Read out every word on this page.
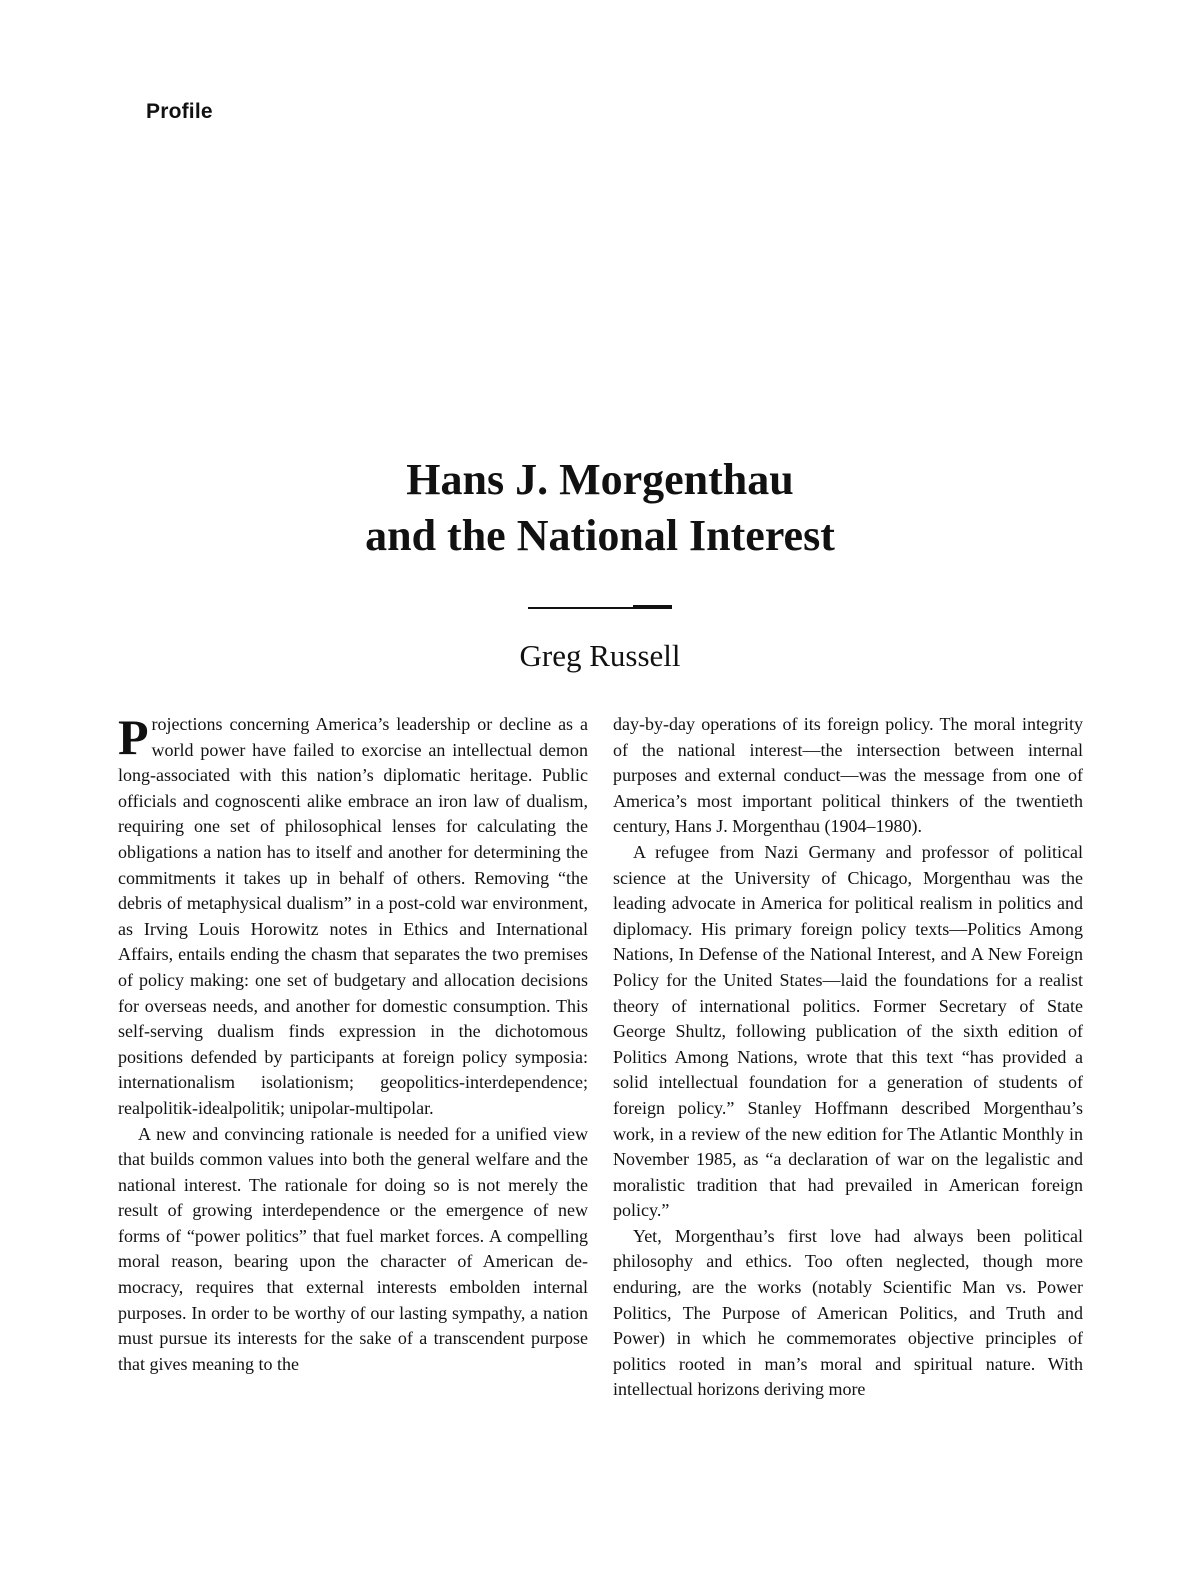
Profile
Hans J. Morgenthau
and the National Interest
Greg Russell

Projections concerning America’s leadership or decline as a world power have failed to exorcise an intellectual demon long-associated with this nation’s diplomatic heritage. Public officials and cognoscenti alike embrace an iron law of dualism, requiring one set of philosophical lenses for calculating the obligations a nation has to itself and another for determining the commitments it takes up in behalf of others. Removing “the debris of metaphysical dualism” in a post-cold war environment, as Irving Louis Horowitz notes in Ethics and International Affairs, entails ending the chasm that separates the two premises of policy making: one set of budgetary and allocation decisions for overseas needs, and another for domestic consumption. This self-serving dualism finds expression in the dichotomous positions defended by participants at foreign policy symposia: internationalism isolationism; geopolitics-interdependence; realpolitik-idealpolitik; unipolar-multipolar.

A new and convincing rationale is needed for a unified view that builds common values into both the general welfare and the national interest. The rationale for doing so is not merely the result of growing interdependence or the emergence of new forms of “power politics” that fuel market forces. A compelling moral reason, bearing upon the character of American democracy, requires that external interests embolden internal purposes. In order to be worthy of our lasting sympathy, a nation must pursue its interests for the sake of a transcendent purpose that gives meaning to the

day-by-day operations of its foreign policy. The moral integrity of the national interest—the intersection between internal purposes and external conduct—was the message from one of America’s most important political thinkers of the twentieth century, Hans J. Morgenthau (1904–1980).

A refugee from Nazi Germany and professor of political science at the University of Chicago, Morgenthau was the leading advocate in America for political realism in politics and diplomacy. His primary foreign policy texts—Politics Among Nations, In Defense of the National Interest, and A New Foreign Policy for the United States—laid the foundations for a realist theory of international politics. Former Secretary of State George Shultz, following publication of the sixth edition of Politics Among Nations, wrote that this text “has provided a solid intellectual foundation for a generation of students of foreign policy.” Stanley Hoffmann described Morgenthau’s work, in a review of the new edition for The Atlantic Monthly in November 1985, as “a declaration of war on the legalistic and moralistic tradition that had prevailed in American foreign policy.”

Yet, Morgenthau’s first love had always been political philosophy and ethics. Too often neglected, though more enduring, are the works (notably Scientific Man vs. Power Politics, The Purpose of American Politics, and Truth and Power) in which he commemorates objective principles of politics rooted in man’s moral and spiritual nature. With intellectual horizons deriving more
